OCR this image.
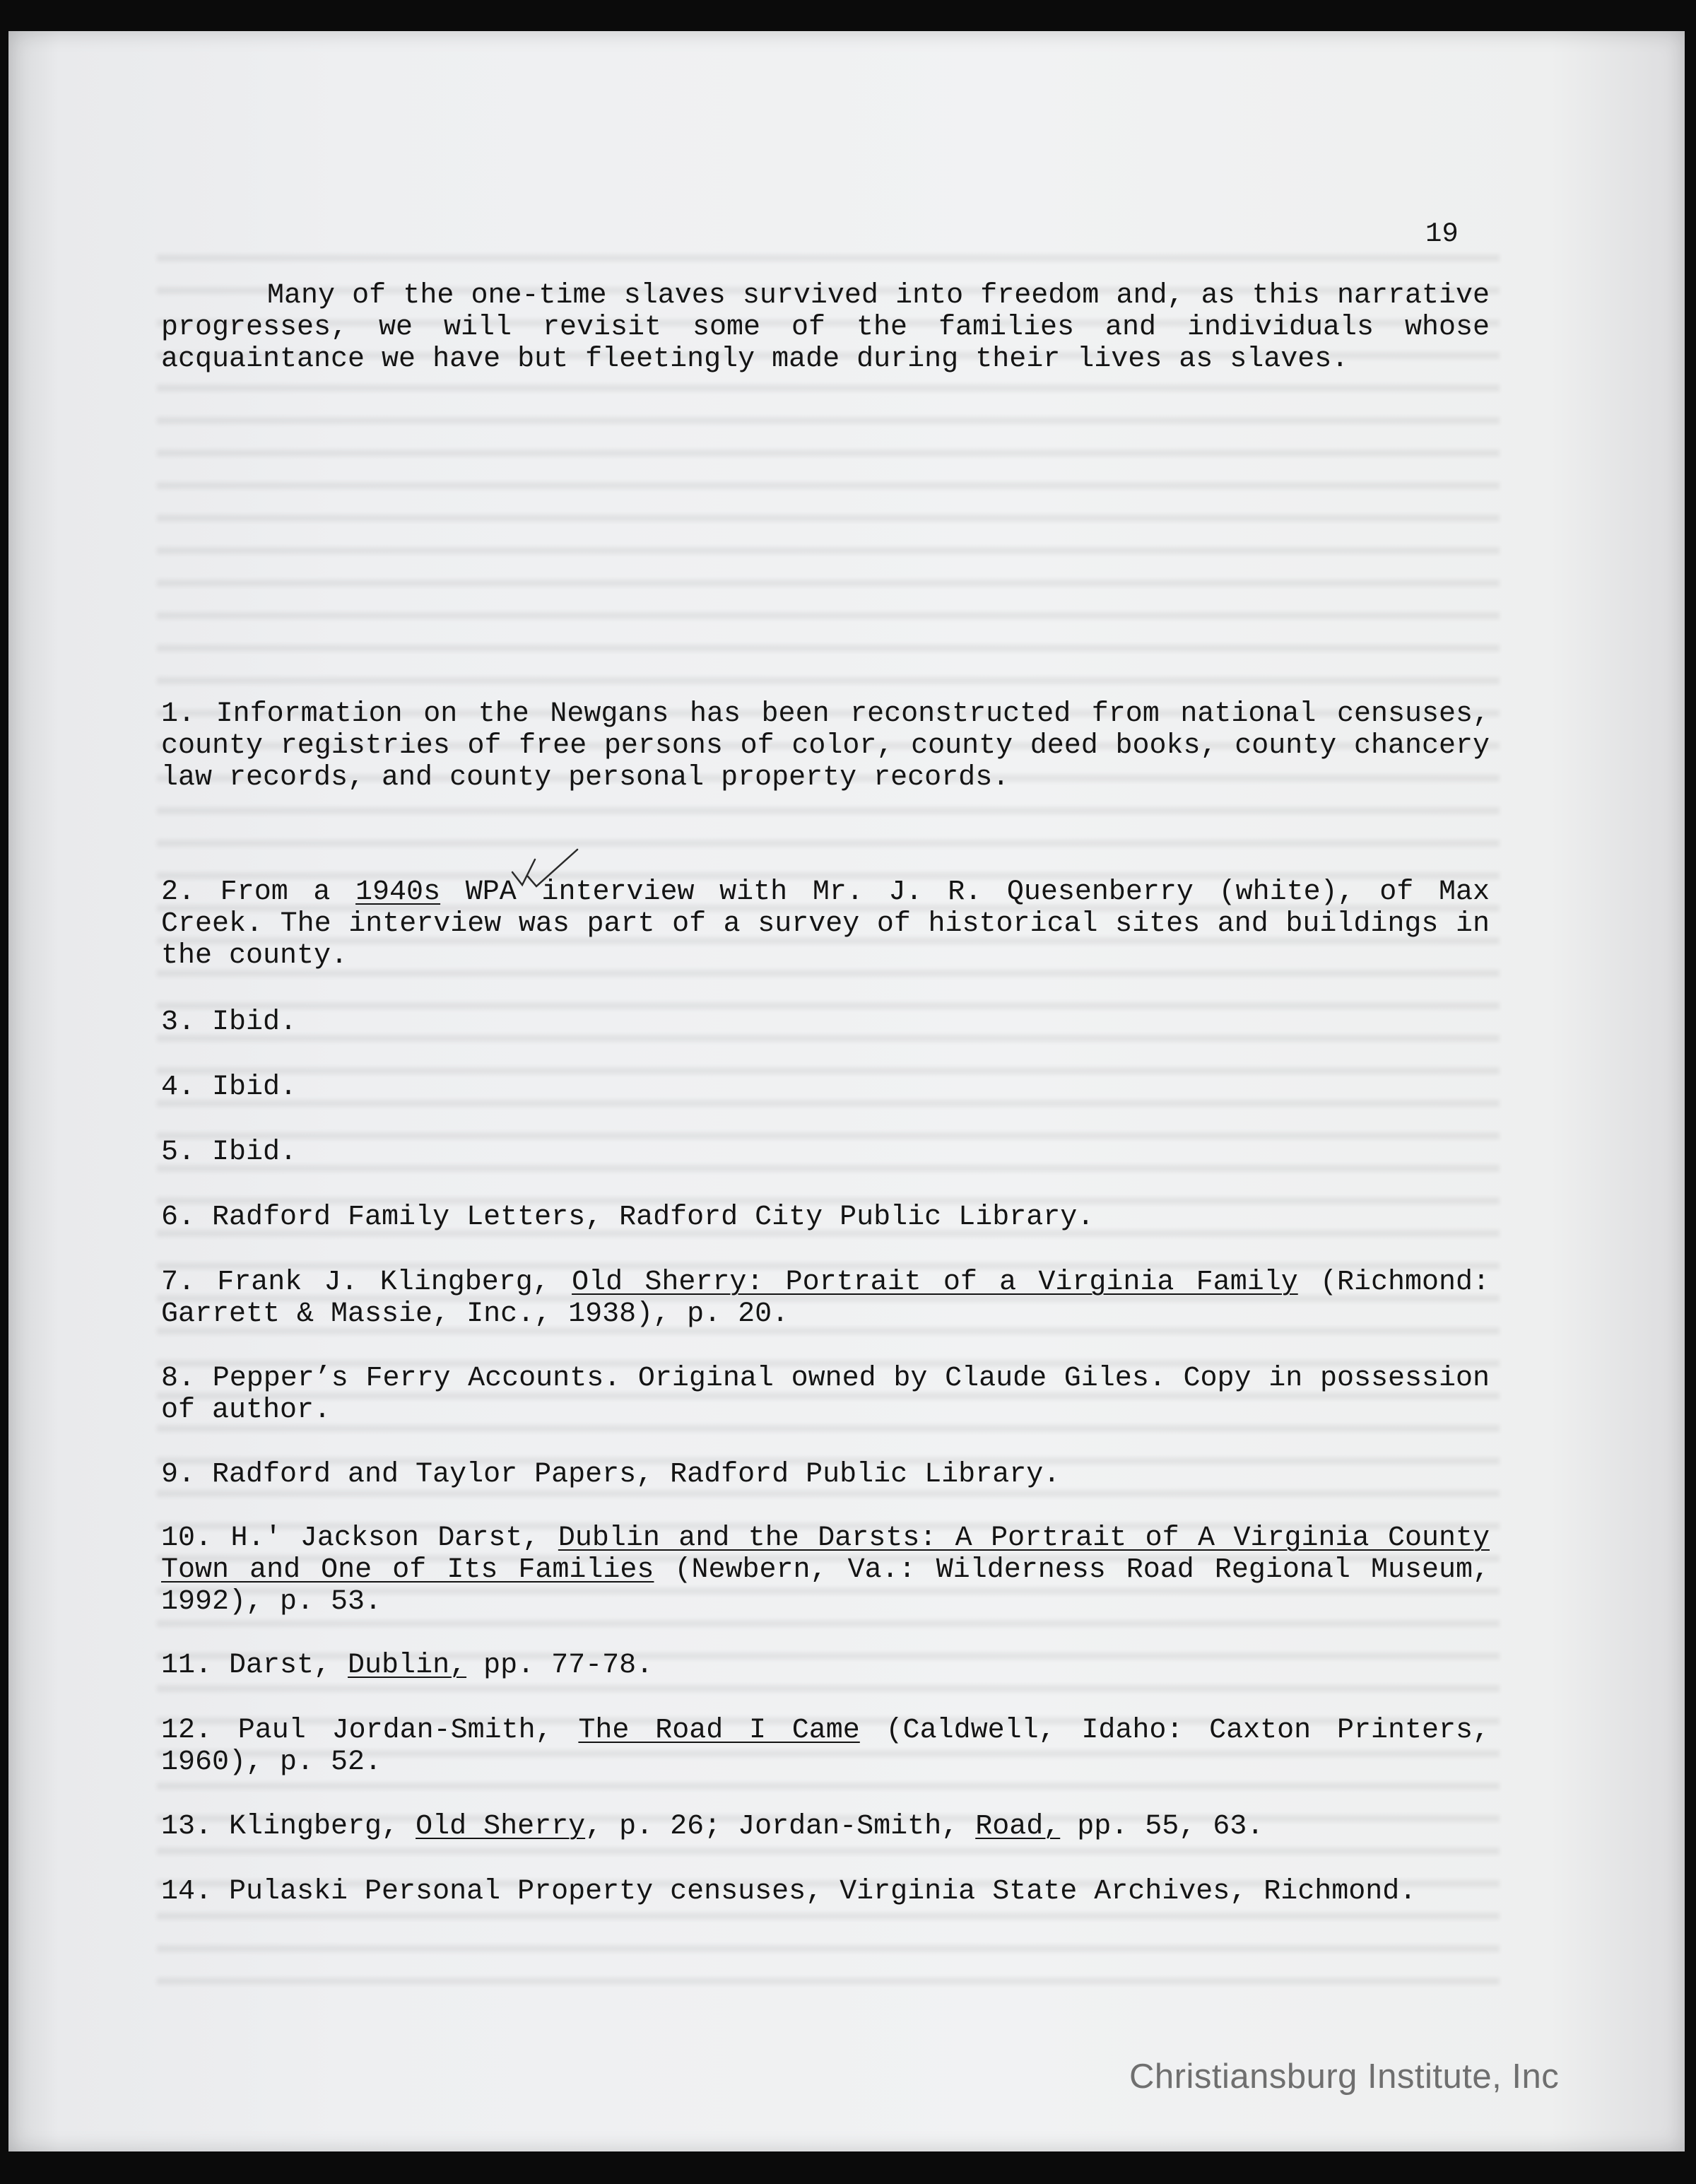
19

Many of the one-time slaves survived into freedom and, as this narrative progresses, we will revisit some of the families and individuals whose acquaintance we have but fleetingly made during their lives as slaves.

1. Information on the Newgans has been reconstructed from national censuses, county registries of free persons of color, county deed books, county chancery law records, and county personal property records.

2. From a 1940s WPA interview with Mr. J. R. Quesenberry (white), of Max Creek. The interview was part of a survey of historical sites and buildings in the county.

3. Ibid.

4. Ibid.

5. Ibid.

6. Radford Family Letters, Radford City Public Library.

7. Frank J. Klingberg, Old Sherry: Portrait of a Virginia Family (Richmond: Garrett & Massie, Inc., 1938), p. 20.

8. Pepper’s Ferry Accounts. Original owned by Claude Giles. Copy in possession of author.

9. Radford and Taylor Papers, Radford Public Library.

10. H.' Jackson Darst, Dublin and the Darsts: A Portrait of A Virginia County Town and One of Its Families (Newbern, Va.: Wilderness Road Regional Museum, 1992), p. 53.

11. Darst, Dublin, pp. 77-78.

12. Paul Jordan-Smith, The Road I Came (Caldwell, Idaho: Caxton Printers, 1960), p. 52.

13. Klingberg, Old Sherry, p. 26; Jordan-Smith, Road, pp. 55, 63.

14. Pulaski Personal Property censuses, Virginia State Archives, Richmond.

Christiansburg Institute, Inc
